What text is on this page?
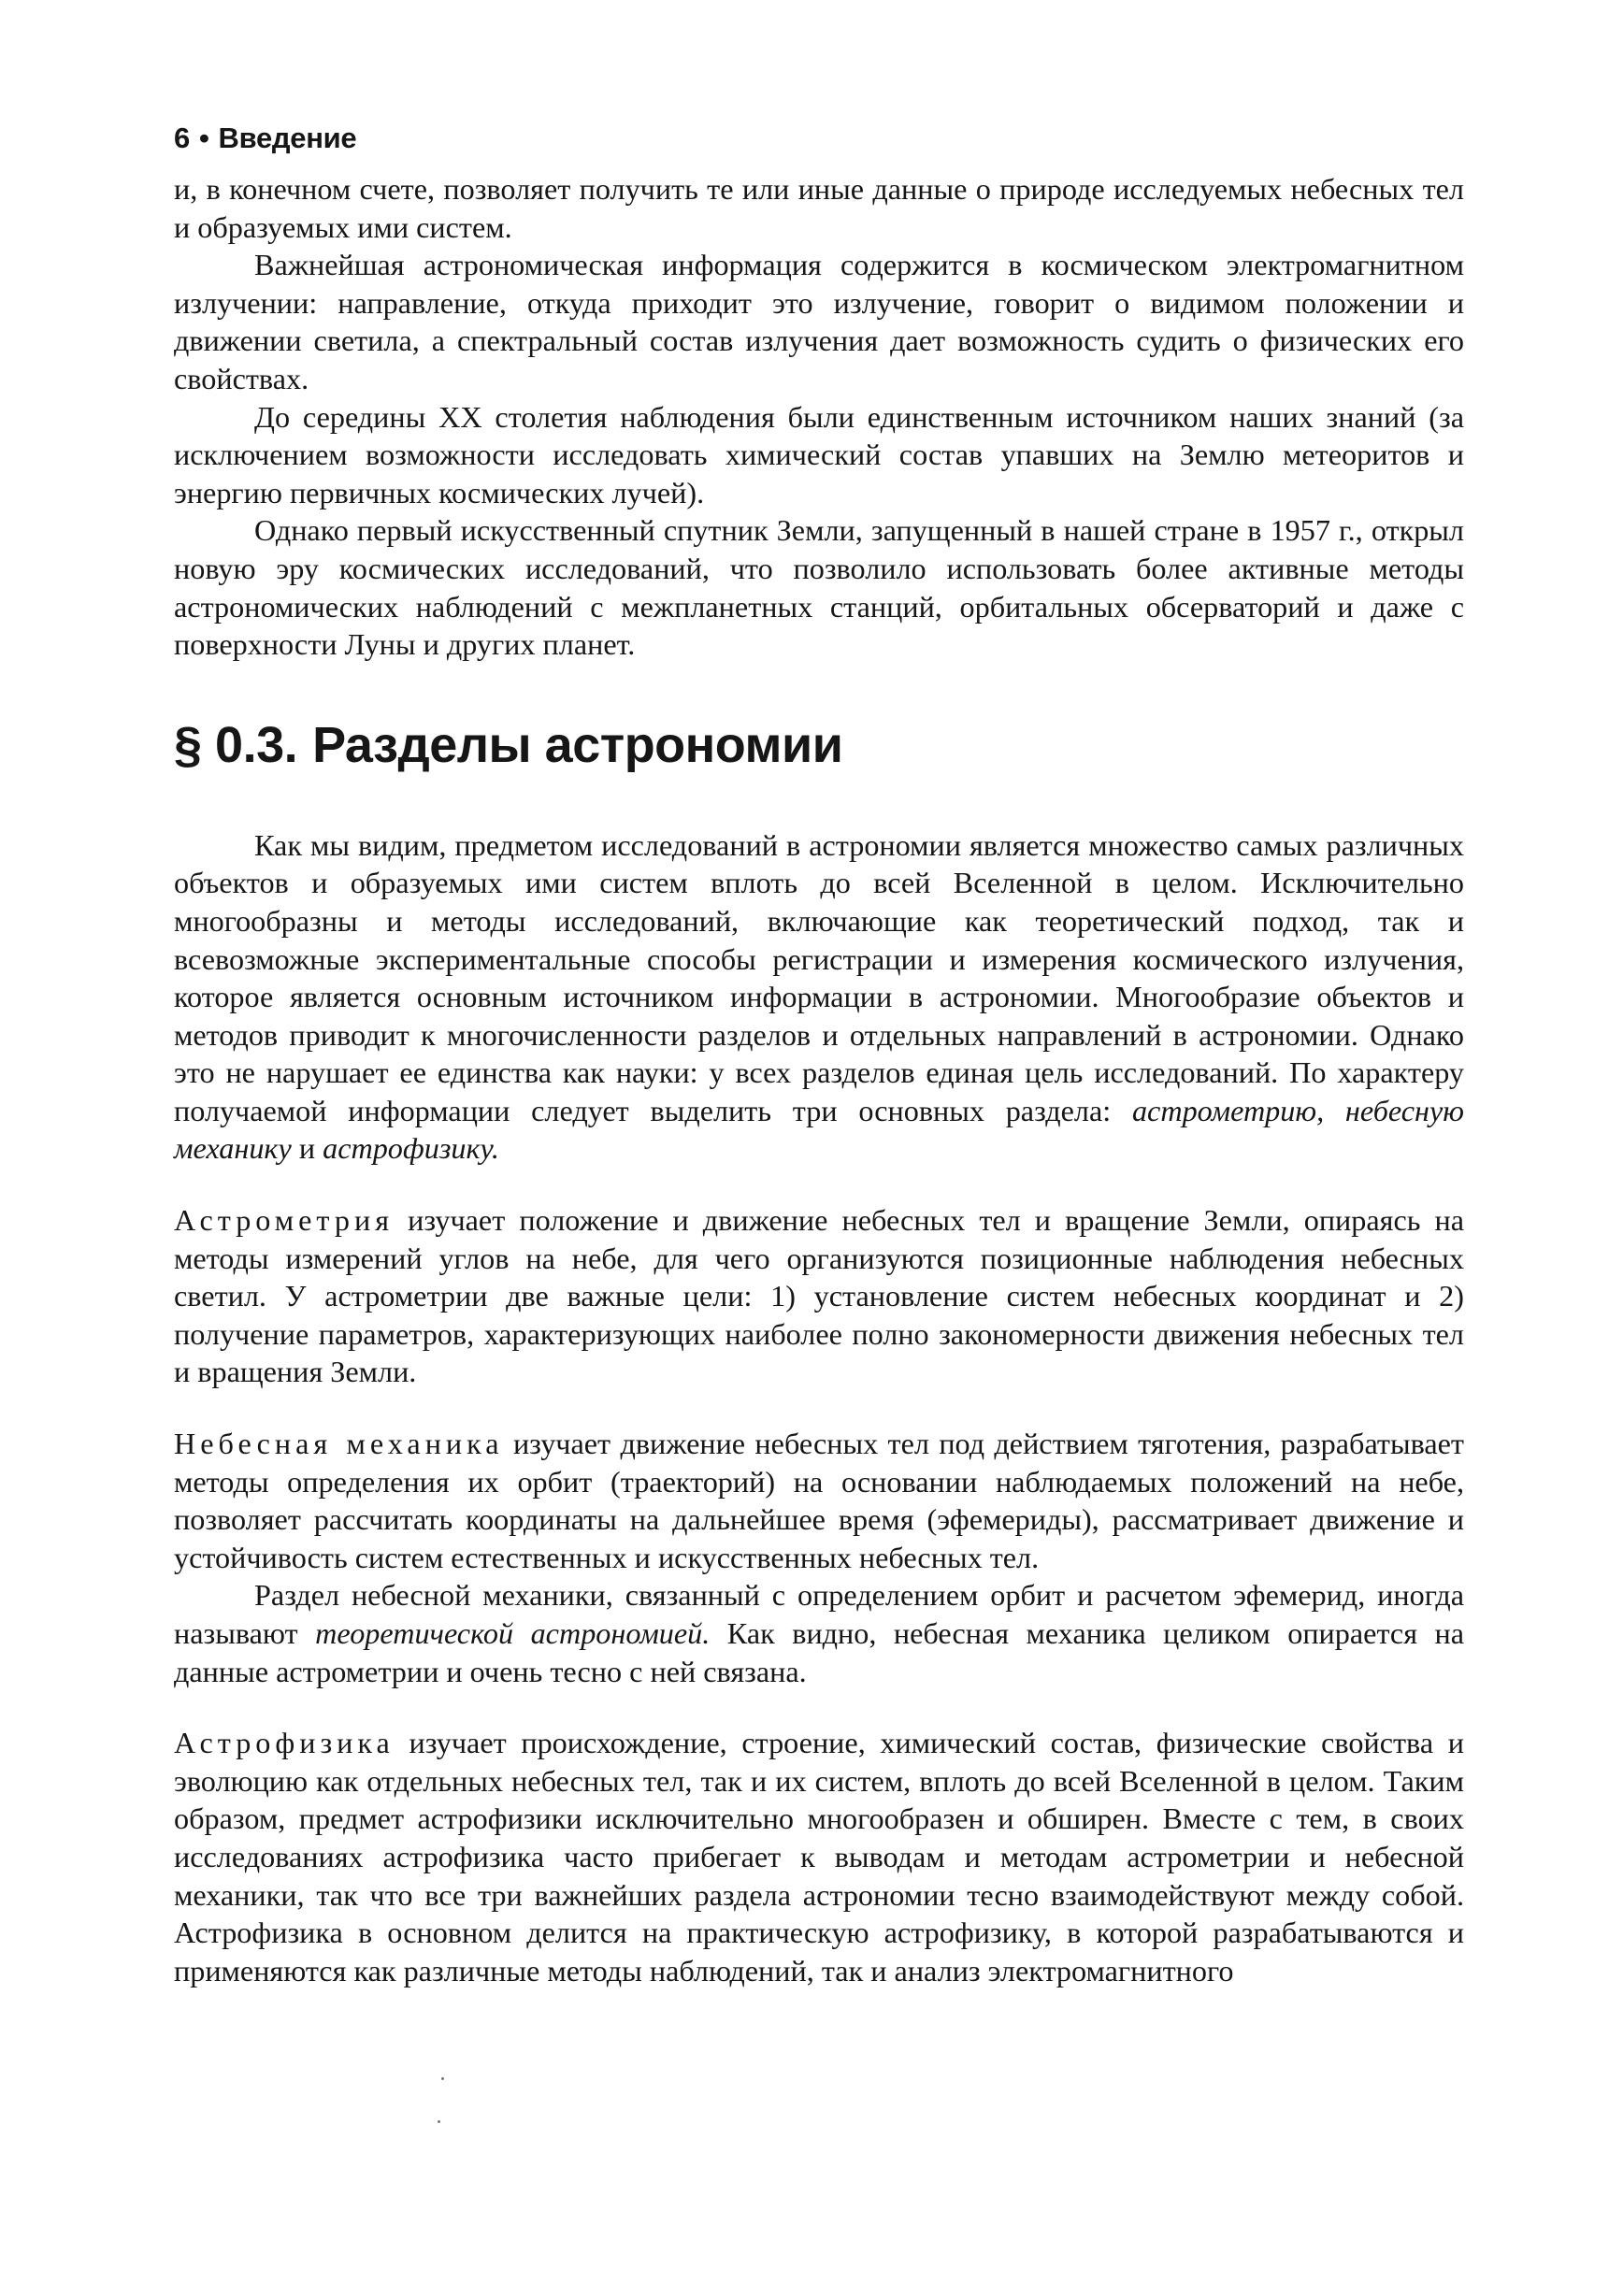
6 • Введение

и, в конечном счете, позволяет получить те или иные данные о природе исследуемых небесных тел и образуемых ими систем.

Важнейшая астрономическая информация содержится в космическом электромагнитном излучении: направление, откуда приходит это излучение, говорит о видимом положении и движении светила, а спектральный состав излучения дает возможность судить о физических его свойствах.

До середины XX столетия наблюдения были единственным источником наших знаний (за исключением возможности исследовать химический состав упавших на Землю метеоритов и энергию первичных космических лучей).

Однако первый искусственный спутник Земли, запущенный в нашей стране в 1957 г., открыл новую эру космических исследований, что позволило использовать более активные методы астрономических наблюдений с межпланетных станций, орбитальных обсерваторий и даже с поверхности Луны и других планет.

§ 0.3. Разделы астрономии

Как мы видим, предметом исследований в астрономии является множество самых различных объектов и образуемых ими систем вплоть до всей Вселенной в целом. Исключительно многообразны и методы исследований, включающие как теоретический подход, так и всевозможные экспериментальные способы регистрации и измерения космического излучения, которое является основным источником информации в астрономии. Многообразие объектов и методов приводит к многочисленности разделов и отдельных направлений в астрономии. Однако это не нарушает ее единства как науки: у всех разделов единая цель исследований. По характеру получаемой информации следует выделить три основных раздела: астрометрию, небесную механику и астрофизику.

Астрометрия изучает положение и движение небесных тел и вращение Земли, опираясь на методы измерений углов на небе, для чего организуются позиционные наблюдения небесных светил. У астрометрии две важные цели: 1) установление систем небесных координат и 2) получение параметров, характеризующих наиболее полно закономерности движения небесных тел и вращения Земли.

Небесная механика изучает движение небесных тел под действием тяготения, разрабатывает методы определения их орбит (траекторий) на основании наблюдаемых положений на небе, позволяет рассчитать координаты на дальнейшее время (эфемериды), рассматривает движение и устойчивость систем естественных и искусственных небесных тел.

Раздел небесной механики, связанный с определением орбит и расчетом эфемерид, иногда называют теоретической астрономией. Как видно, небесная механика целиком опирается на данные астрометрии и очень тесно с ней связана.

Астрофизика изучает происхождение, строение, химический состав, физические свойства и эволюцию как отдельных небесных тел, так и их систем, вплоть до всей Вселенной в целом. Таким образом, предмет астрофизики исключительно многообразен и обширен. Вместе с тем, в своих исследованиях астрофизика часто прибегает к выводам и методам астрометрии и небесной механики, так что все три важнейших раздела астрономии тесно взаимодействуют между собой. Астрофизика в основном делится на практическую астрофизику, в которой разрабатываются и применяются как различные методы наблюдений, так и анализ электромагнитного
